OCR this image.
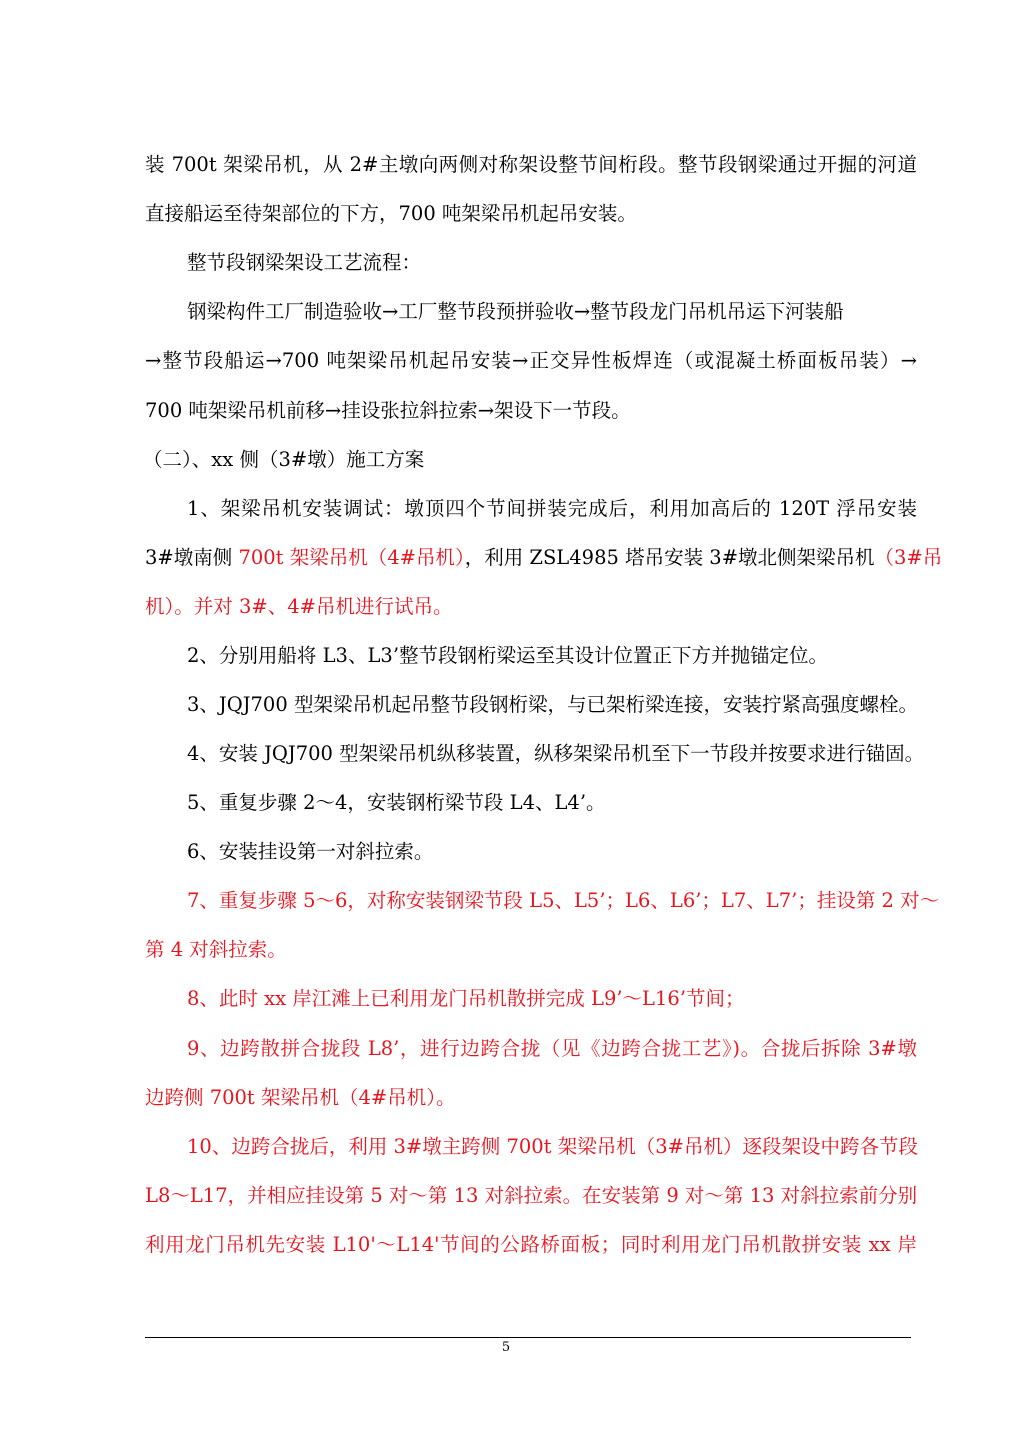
装 700t 架梁吊机，从 2#主墩向两侧对称架设整节间桁段。整节段钢梁通过开掘的河道
直接船运至待架部位的下方，700 吨架梁吊机起吊安装。
整节段钢梁架设工艺流程：
钢梁构件工厂制造验收→工厂整节段预拼验收→整节段龙门吊机吊运下河装船
→整节段船运→700 吨架梁吊机起吊安装→正交异性板焊连（或混凝土桥面板吊装）→
700 吨架梁吊机前移→挂设张拉斜拉索→架设下一节段。
（二）、xx 侧（3#墩）施工方案
1、架梁吊机安装调试：墩顶四个节间拼装完成后，利用加高后的 120T 浮吊安装
3#墩南侧 700t 架梁吊机（4#吊机），利用 ZSL4985 塔吊安装 3#墩北侧架梁吊机（3#吊
机）。并对 3#、4#吊机进行试吊。
2、分别用船将 L3、L3’整节段钢桁梁运至其设计位置正下方并抛锚定位。
3、JQJ700 型架梁吊机起吊整节段钢桁梁，与已架桁梁连接，安装拧紧高强度螺栓。
4、安装 JQJ700 型架梁吊机纵移装置，纵移架梁吊机至下一节段并按要求进行锚固。
5、重复步骤 2～4，安装钢桁梁节段 L4、L4’。
6、安装挂设第一对斜拉索。
7、重复步骤 5～6，对称安装钢梁节段 L5、L5’；L6、L6’；L7、L7’；挂设第 2 对～
第 4 对斜拉索。
8、此时 xx 岸江滩上已利用龙门吊机散拼完成 L9’～L16’节间；
9、边跨散拼合拢段 L8’，进行边跨合拢（见《边跨合拢工艺》)。合拢后拆除 3#墩
边跨侧 700t 架梁吊机（4#吊机）。
10、边跨合拢后，利用 3#墩主跨侧 700t 架梁吊机（3#吊机）逐段架设中跨各节段
L8～L17，并相应挂设第 5 对～第 13 对斜拉索。在安装第 9 对～第 13 对斜拉索前分别
利用龙门吊机先安装 L10'～L14'节间的公路桥面板；同时利用龙门吊机散拼安装 xx 岸
5
